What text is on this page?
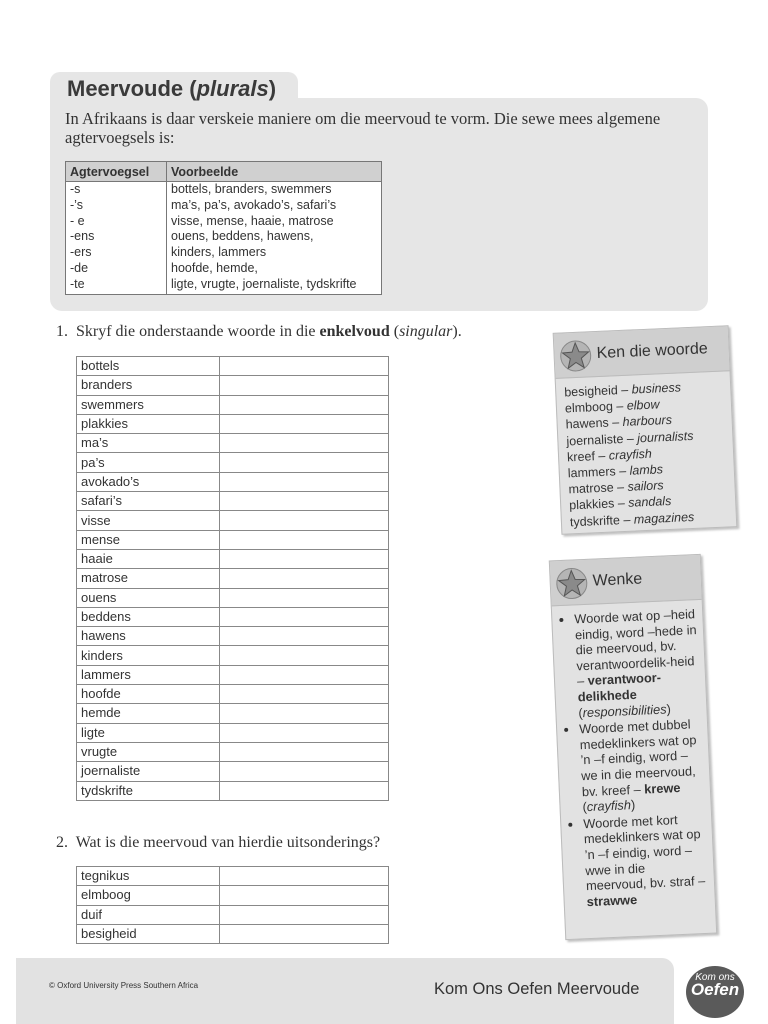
Meervoude (plurals)
In Afrikaans is daar verskeie maniere om die meervoud te vorm. Die sewe mees algemene agtervoegsels is:
Agtervoegsel	Voorbeelde
-s	bottels, branders, swemmers
-’s	ma’s, pa’s, avokado’s, safari’s
- e	visse, mense, haaie, matrose
-ens	ouens, beddens, hawens,
-ers	kinders, lammers
-de	hoofde, hemde,
-te	ligte, vrugte, joernaliste, tydskrifte
1. Skryf die onderstaande woorde in die enkelvoud (singular).
bottels	
branders	
swemmers	
plakkies	
ma’s	
pa’s	
avokado’s	
safari’s	
visse	
mense	
haaie	
matrose	
ouens	
beddens	
hawens	
kinders	
lammers	
hoofde	
hemde	
ligte	
vrugte	
joernaliste	
tydskrifte	
2. Wat is die meervoud van hierdie uitsonderings?
tegnikus	
elmboog	
duif	
besigheid	
Ken die woorde
besigheid – business
elmboog – elbow
hawens – harbours
joernaliste – journalists
kreef – crayfish
lammers – lambs
matrose – sailors
plakkies – sandals
tydskrifte – magazines
Wenke
• Woorde wat op –heid eindig, word –hede in die meervoud, bv. verantwoordelik-heid – verantwoor-delikhede (responsibilities)
• Woorde met dubbel medeklinkers wat op ’n –f eindig, word –we in die meervoud, bv. kreef – krewe (crayfish)
• Woorde met kort medeklinkers wat op ’n –f eindig, word –wwe in die meervoud, bv. straf – strawwe
© Oxford University Press Southern Africa	Kom Ons Oefen Meervoude
Kom ons
Oefen
